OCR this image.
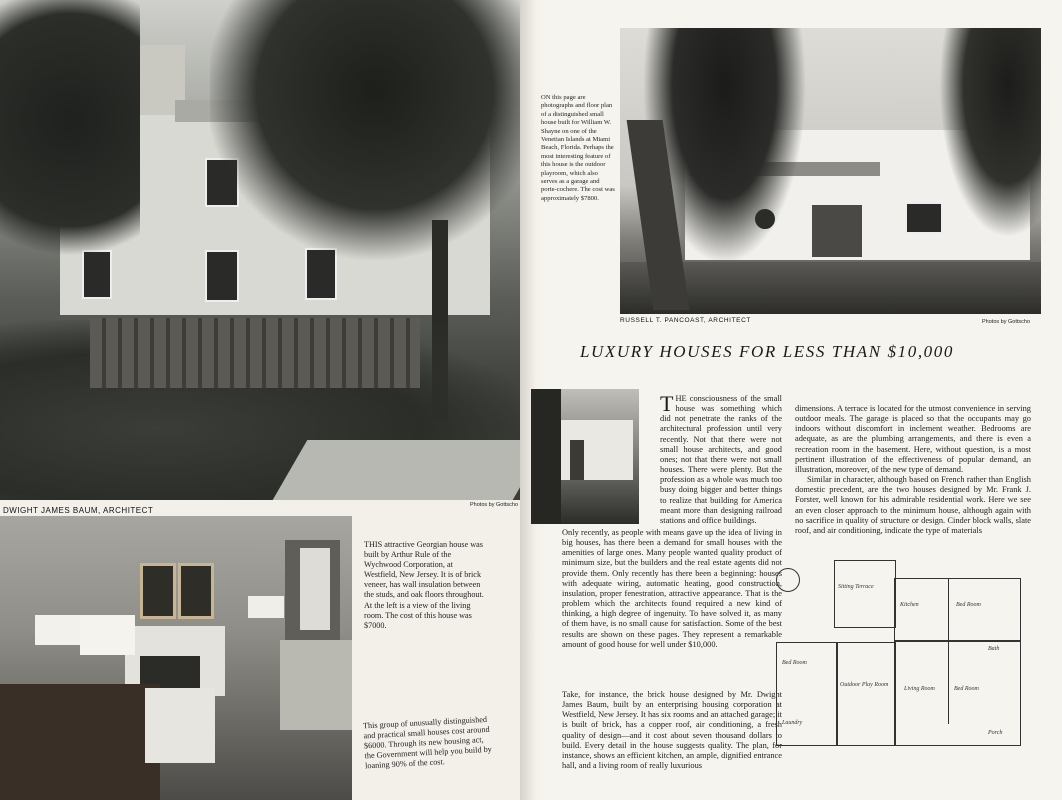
DWIGHT JAMES BAUM, ARCHITECT
Photos by Gottscho
THIS attractive Georgian house was built by Arthur Rule of the Wychwood Corporation, at Westfield, New Jersey. It is of brick veneer, has wall insulation between the studs, and oak floors throughout. At the left is a view of the living room. The cost of this house was $7000.
This group of unusually distinguished and practical small houses cost around $6000. Through its new housing act, the Government will help you build by loaning 90% of the cost.
ON this page are photographs and floor plan of a distinguished small house built for William W. Shayne on one of the Venetian Islands at Miami Beach, Florida. Perhaps the most interesting feature of this house is the outdoor playroom, which also serves as a garage and porte-cochere. The cost was approximately $7800.
RUSSELL T. PANCOAST, ARCHITECT	Photos by Gottscho
LUXURY HOUSES FOR LESS THAN $10,000
THE consciousness of the small house was something which did not penetrate the ranks of the architectural profession until very recently. Not that there were not small house architects, and good ones; not that there were not small houses. There were plenty. But the profession as a whole was much too busy doing bigger and better things to realize that building for America meant more than designing railroad stations and office buildings.
Only recently, as people with means gave up the idea of living in big houses, has there been a demand for small houses with the amenities of large ones. Many people wanted quality product of minimum size, but the builders and the real estate agents did not provide them. Only recently has there been a beginning: houses with adequate wiring, automatic heating, good construction, insulation, proper fenestration, attractive appearance. That is the problem which the architects found required a new kind of thinking, a high degree of ingenuity. To have solved it, as many of them have, is no small cause for satisfaction. Some of the best results are shown on these pages. They represent a remarkable amount of good house for well under $10,000.
Take, for instance, the brick house designed by Mr. Dwight James Baum, built by an enterprising housing corporation at Westfield, New Jersey. It has six rooms and an attached garage; it is built of brick, has a copper roof, air conditioning, a fresh quality of design—and it cost about seven thousand dollars to build. Every detail in the house suggests quality. The plan, for instance, shows an efficient kitchen, an ample, dignified entrance hall, and a living room of really luxurious
dimensions. A terrace is located for the utmost convenience in serving outdoor meals. The garage is placed so that the occupants may go indoors without discomfort in inclement weather. Bedrooms are adequate, as are the plumbing arrangements, and there is even a recreation room in the basement. Here, without question, is a most pertinent illustration of the effectiveness of popular demand, an illustration, moreover, of the new type of demand.
Similar in character, although based on French rather than English domestic precedent, are the two houses designed by Mr. Frank J. Forster, well known for his admirable residential work. Here we see an even closer approach to the minimum house, although again with no sacrifice in quality of structure or design. Cinder block walls, slate roof, and air conditioning, indicate the type of materials
Sitting Terrace
Kitchen	Bed Room
Bed Room
Bed Room
Outdoor Play Room
Living Room
Porch
Bath
Laundry
